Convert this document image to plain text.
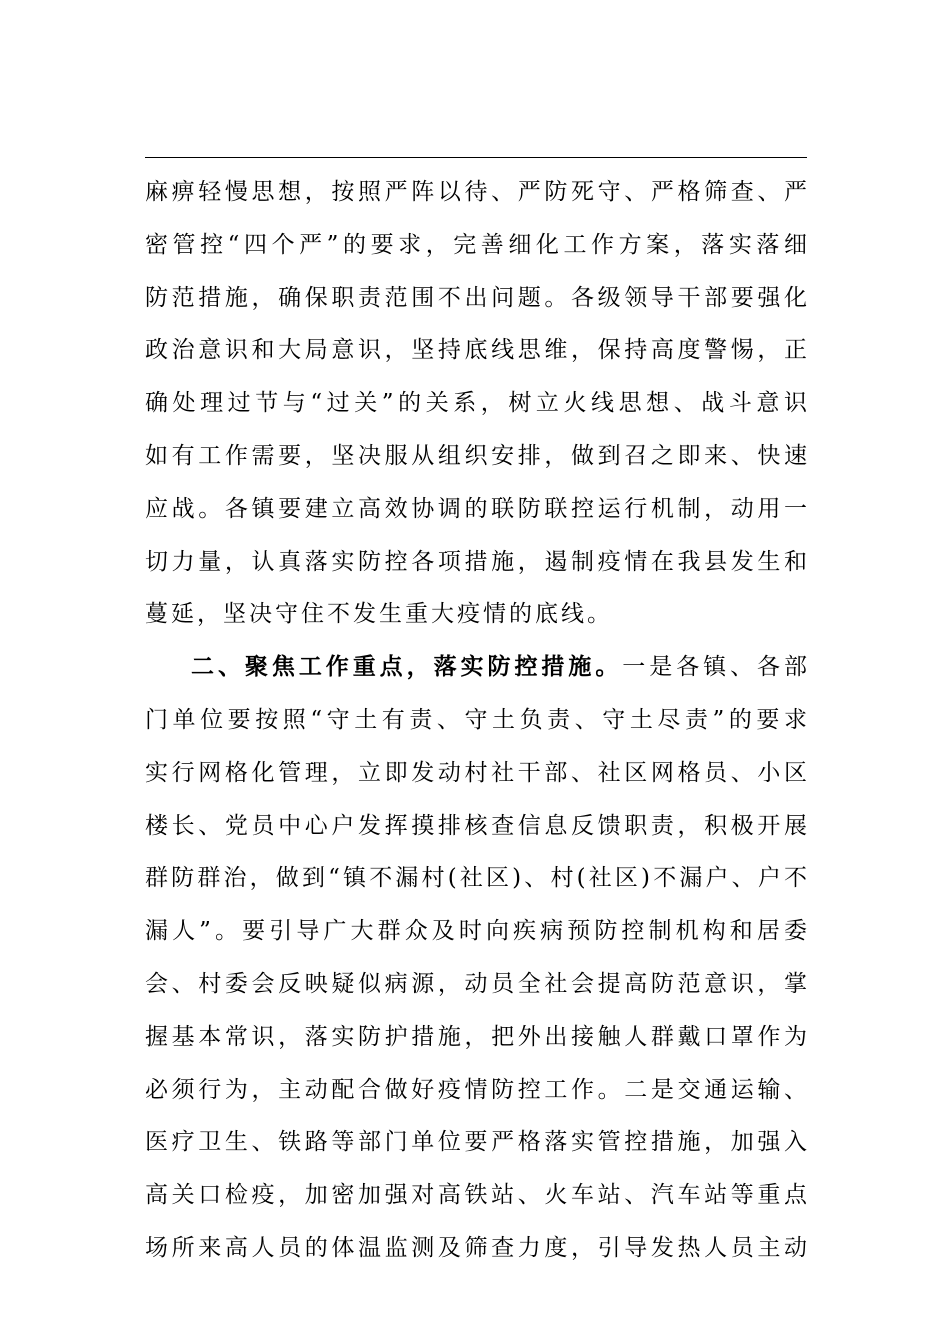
麻痹轻慢思想，按照严阵以待、严防死守、严格筛查、严
密管控“四个严”的要求，完善细化工作方案，落实落细
防范措施，确保职责范围不出问题。各级领导干部要强化
政治意识和大局意识，坚持底线思维，保持高度警惕，正
确处理过节与“过关”的关系，树立火线思想、战斗意识
如有工作需要，坚决服从组织安排，做到召之即来、快速
应战。各镇要建立高效协调的联防联控运行机制，动用一
切力量，认真落实防控各项措施，遏制疫情在我县发生和
蔓延，坚决守住不发生重大疫情的底线。
二、聚焦工作重点，落实防控措施。一是各镇、各部
门单位要按照“守土有责、守土负责、守土尽责”的要求
实行网格化管理，立即发动村社干部、社区网格员、小区
楼长、党员中心户发挥摸排核查信息反馈职责，积极开展
群防群治，做到“镇不漏村(社区)、村(社区)不漏户、户不
漏人”。要引导广大群众及时向疾病预防控制机构和居委
会、村委会反映疑似病源，动员全社会提高防范意识，掌
握基本常识，落实防护措施，把外出接触人群戴口罩作为
必须行为，主动配合做好疫情防控工作。二是交通运输、
医疗卫生、铁路等部门单位要严格落实管控措施，加强入
高关口检疫，加密加强对高铁站、火车站、汽车站等重点
场所来高人员的体温监测及筛查力度，引导发热人员主动
